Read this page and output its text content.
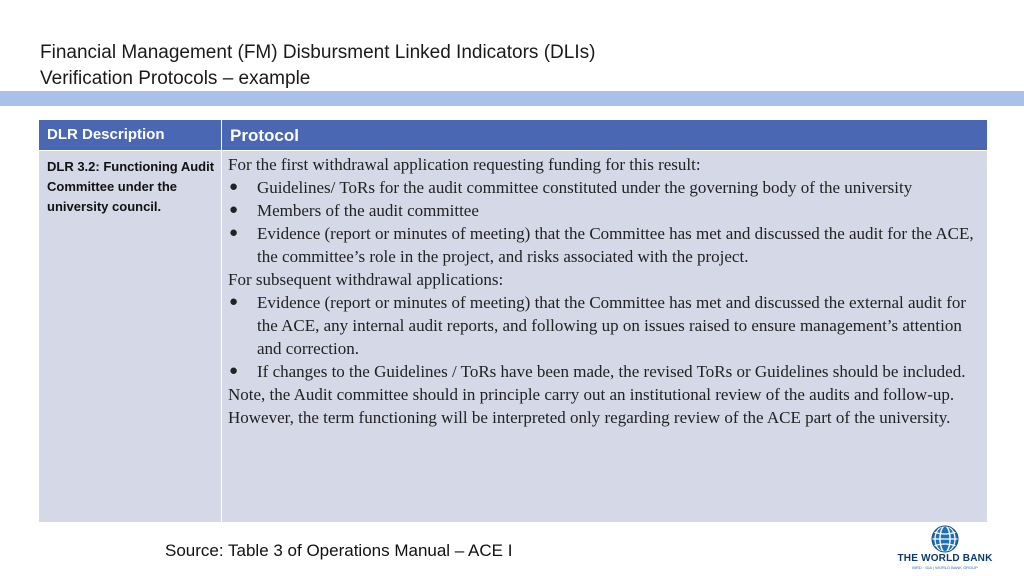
Financial Management (FM) Disbursment Linked Indicators (DLIs)
Verification Protocols – example
DLR Description	Protocol
DLR 3.2: Functioning Audit Committee under the university council.

For the first withdrawal application requesting funding for this result:

● Guidelines/ ToRs for the audit committee constituted under the governing body of the university
● Members of the audit committee
● Evidence (report or minutes of meeting) that the Committee has met and discussed the audit for the ACE, the committee’s role in the project, and risks associated with the project.

For subsequent withdrawal applications:

● Evidence (report or minutes of meeting) that the Committee has met and discussed the external audit for the ACE, any internal audit reports, and following up on issues raised to ensure management’s attention and correction.
● If changes to the Guidelines / ToRs have been made, the revised ToRs or Guidelines should be included.

Note, the Audit committee should in principle carry out an institutional review of the audits and follow-up. However, the term functioning will be interpreted only regarding review of the ACE part of the university.

Source: Table 3 of Operations Manual – ACE I	THE WORLD BANK
IBRD · IDA | WORLD BANK GROUP
